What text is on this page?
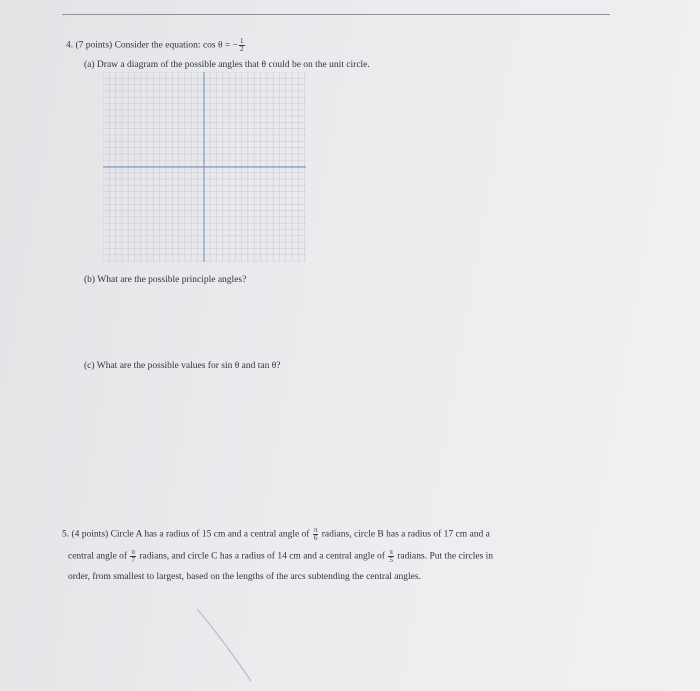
4. (7 points) Consider the equation: cos θ = − $\frac{1}{2}$
(a) Draw a diagram of the possible angles that θ could be on the unit circle.
(b) What are the possible principle angles?
(c) What are the possible values for sin θ and tan θ?
5. (4 points) Circle A has a radius of 15 cm and a central angle of $\frac{\pi}{6}$ radians, circle B has a radius of 17 cm and a
central angle of $\frac{\pi}{7}$ radians, and circle C has a radius of 14 cm and a central angle of $\frac{\pi}{5}$ radians. Put the circles in
order, from smallest to largest, based on the lengths of the arcs subtending the central angles.
